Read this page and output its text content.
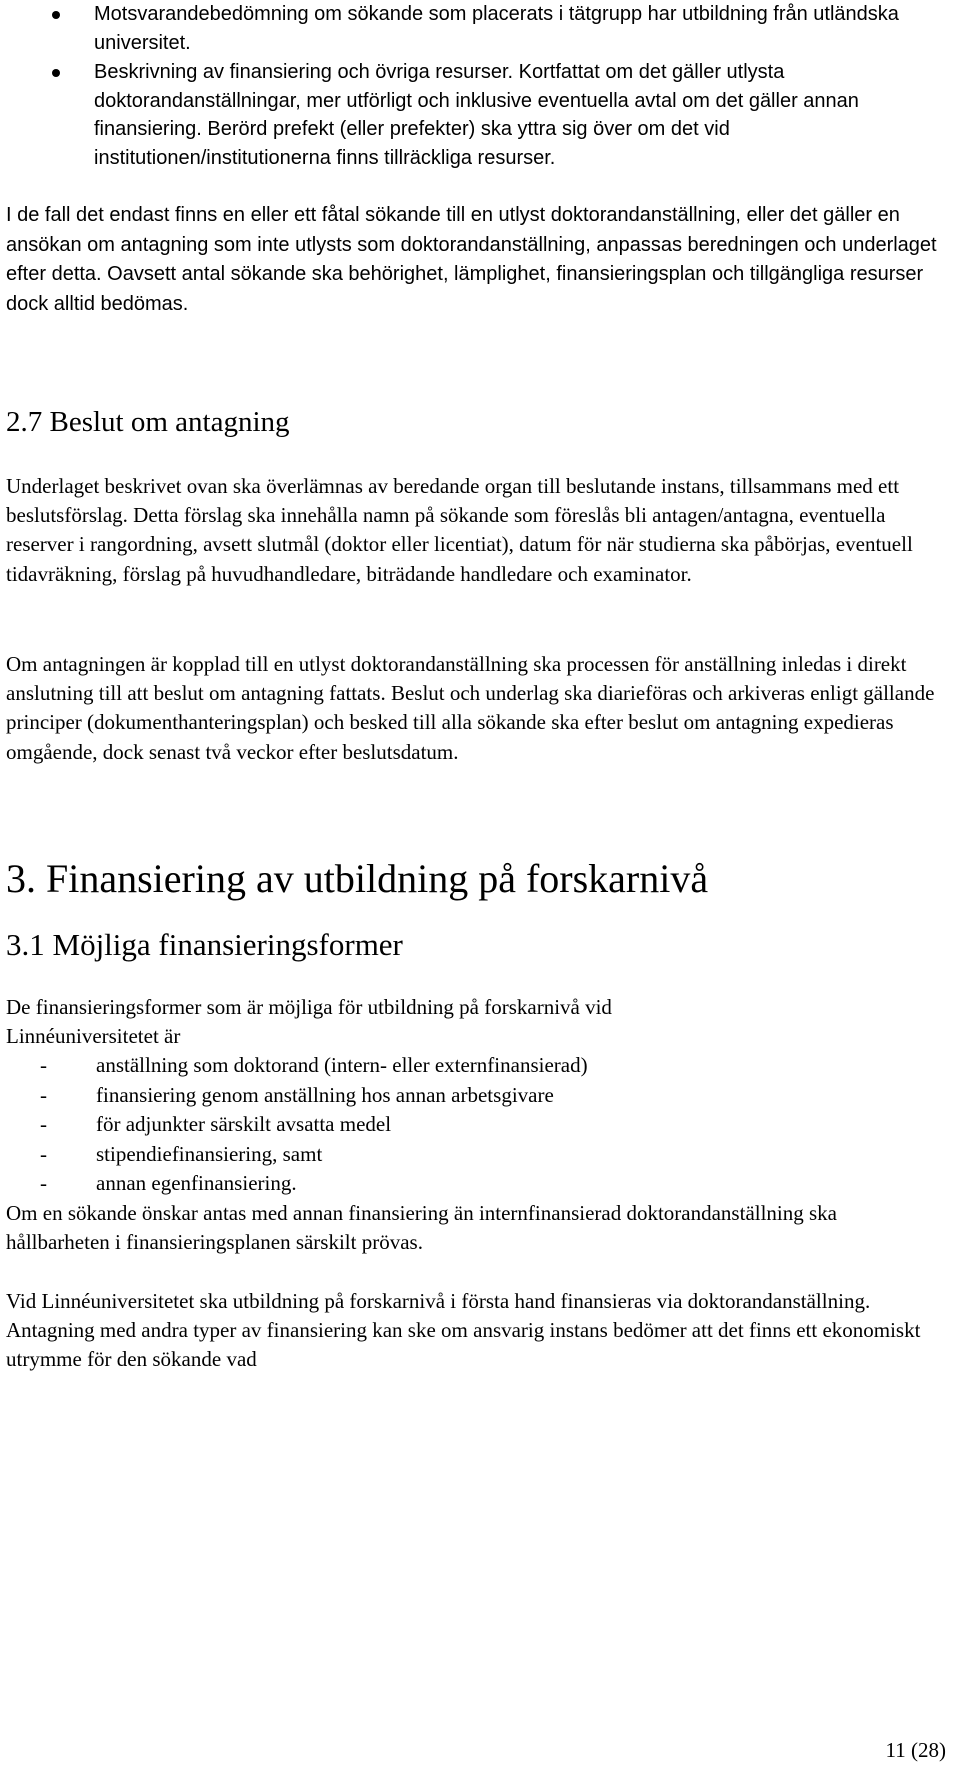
Motsvarandebedömning om sökande som placerats i tätgrupp har utbildning från utländska universitet.
Beskrivning av finansiering och övriga resurser. Kortfattat om det gäller utlysta doktorandanställningar, mer utförligt och inklusive eventuella avtal om det gäller annan finansiering. Berörd prefekt (eller prefekter) ska yttra sig över om det vid institutionen/institutionerna finns tillräckliga resurser.

I de fall det endast finns en eller ett fåtal sökande till en utlyst doktorandanställning, eller det gäller en ansökan om antagning som inte utlysts som doktorandanställning, anpassas beredningen och underlaget efter detta. Oavsett antal sökande ska behörighet, lämplighet, finansieringsplan och tillgängliga resurser dock alltid bedömas.

2.7 Beslut om antagning

Underlaget beskrivet ovan ska överlämnas av beredande organ till beslutande instans, tillsammans med ett beslutsförslag. Detta förslag ska innehålla namn på sökande som föreslås bli antagen/antagna, eventuella reserver i rangordning, avsett slutmål (doktor eller licentiat), datum för när studierna ska påbörjas, eventuell tidavräkning, förslag på huvudhandledare, biträdande handledare och examinator.

Om antagningen är kopplad till en utlyst doktorandanställning ska processen för anställning inledas i direkt anslutning till att beslut om antagning fattats. Beslut och underlag ska diarieföras och arkiveras enligt gällande principer (dokumenthanteringsplan) och besked till alla sökande ska efter beslut om antagning expedieras omgående, dock senast två veckor efter beslutsdatum.

3. Finansiering av utbildning på forskarnivå
3.1 Möjliga finansieringsformer

De finansieringsformer som är möjliga för utbildning på forskarnivå vid Linnéuniversitetet är

- anställning som doktorand (intern- eller externfinansierad)
- finansiering genom anställning hos annan arbetsgivare
- för adjunkter särskilt avsatta medel
- stipendiefinansiering, samt
- annan egenfinansiering.

Om en sökande önskar antas med annan finansiering än internfinansierad doktorandanställning ska hållbarheten i finansieringsplanen särskilt prövas.

Vid Linnéuniversitetet ska utbildning på forskarnivå i första hand finansieras via doktorandanställning. Antagning med andra typer av finansiering kan ske om ansvarig instans bedömer att det finns ett ekonomiskt utrymme för den sökande vad

11 (28)
